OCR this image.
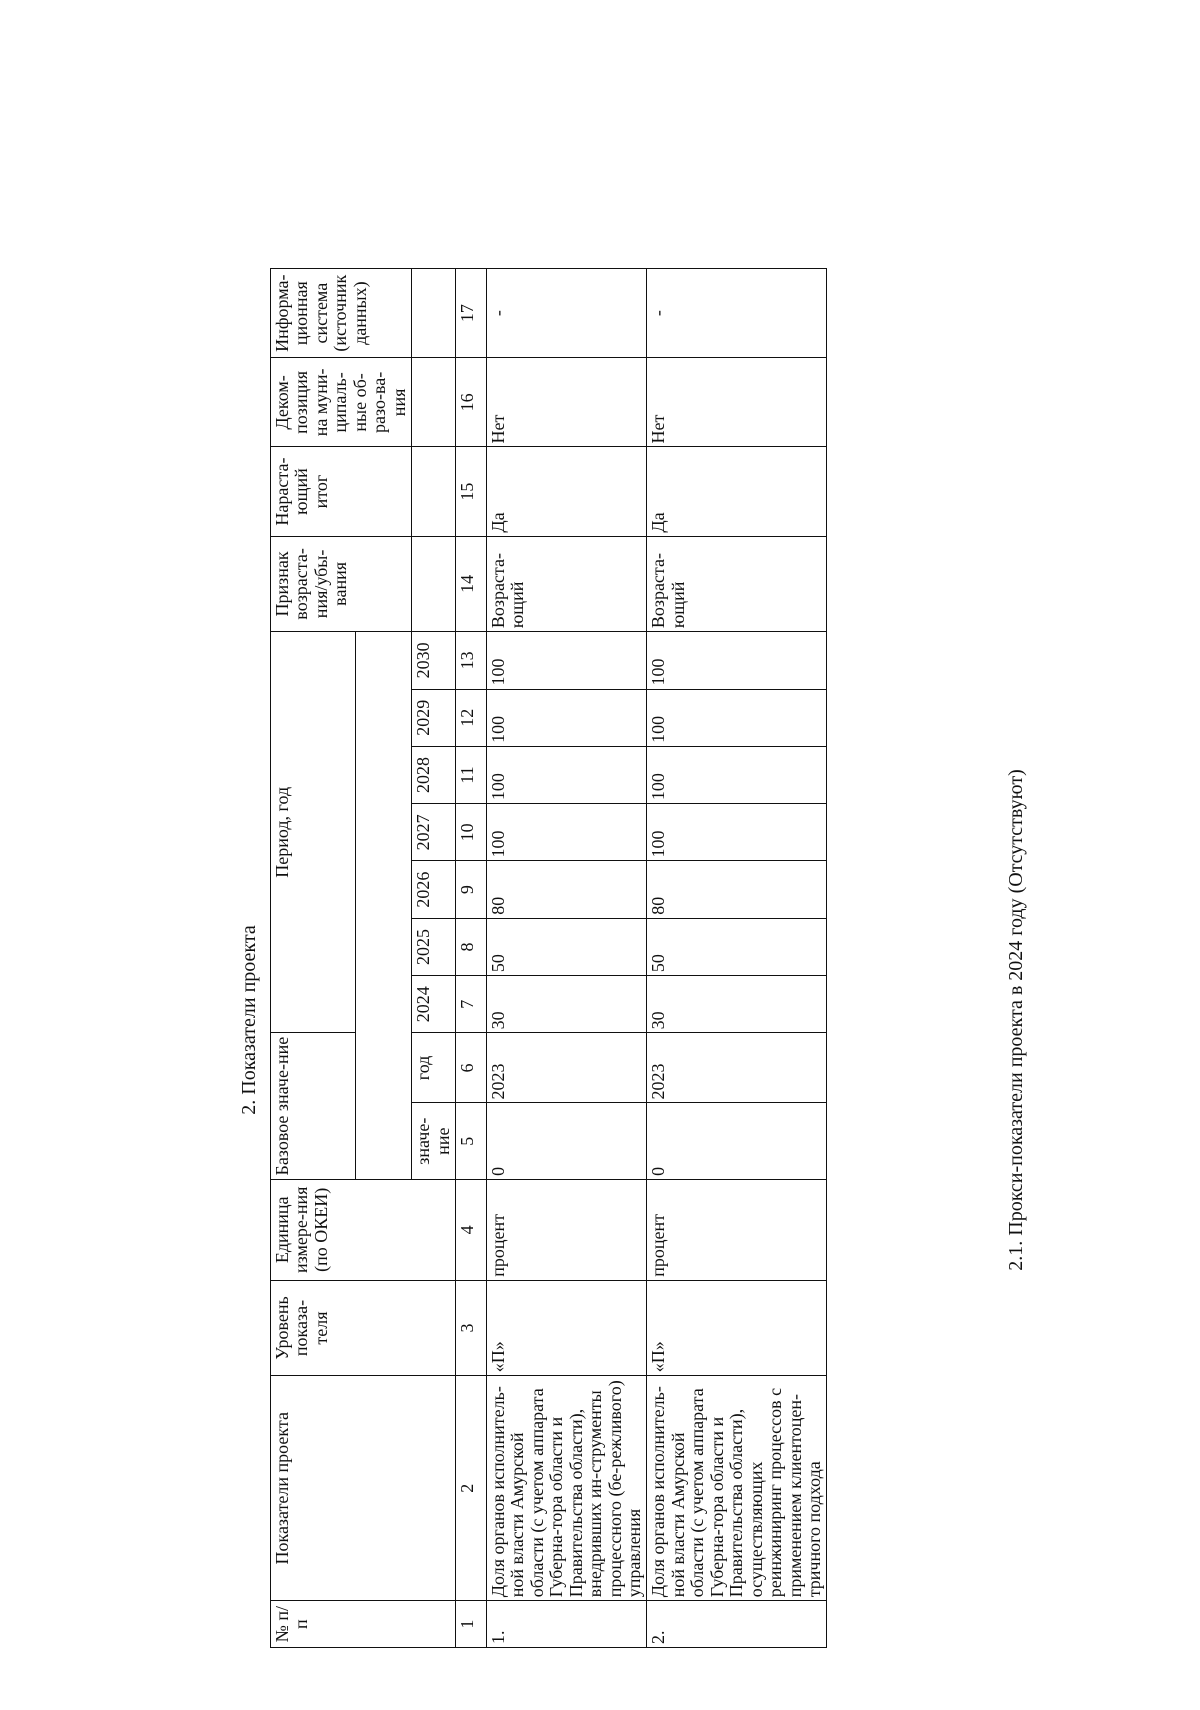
2. Показатели проекта
№ п/п	Показатели проекта	Уровень показа-теля	Единица измере-ния (по ОКЕИ)	Базовое значе-ние		Период, год							Признак возраста-ния/убы-вания	Нараста-ющий итог	Деком-позиция на муни-ципаль-ные об-разо-ва-ния	Информа-ционная система (источник данных)

				значе-ние	год	2024	2025	2026	2027	2028	2029	2030				
1	2	3	4	5	6	7	8	9	10	11	12	13	14	15	16	17
1.	Доля органов исполнитель-ной власти Амурской области (с учетом аппарата Губерна-тора области и Правительства области), внедривших ин-струменты процессного (бе-режливого) управления	«П»	процент	0	2023	30	50	80	100	100	100	100	Возраста-ющий	Да	Нет	-
2.	Доля органов исполнитель-ной власти Амурской области (с учетом аппарата Губерна-тора области и Правительства области), осуществляющих реинжиниринг процессов с применением клиентоцен-тричного подхода	«П»	процент	0	2023	30	50	80	100	100	100	100	Возраста-ющий	Да	Нет	-
2.1. Прокси-показатели проекта в 2024 году (Отсутствуют)
